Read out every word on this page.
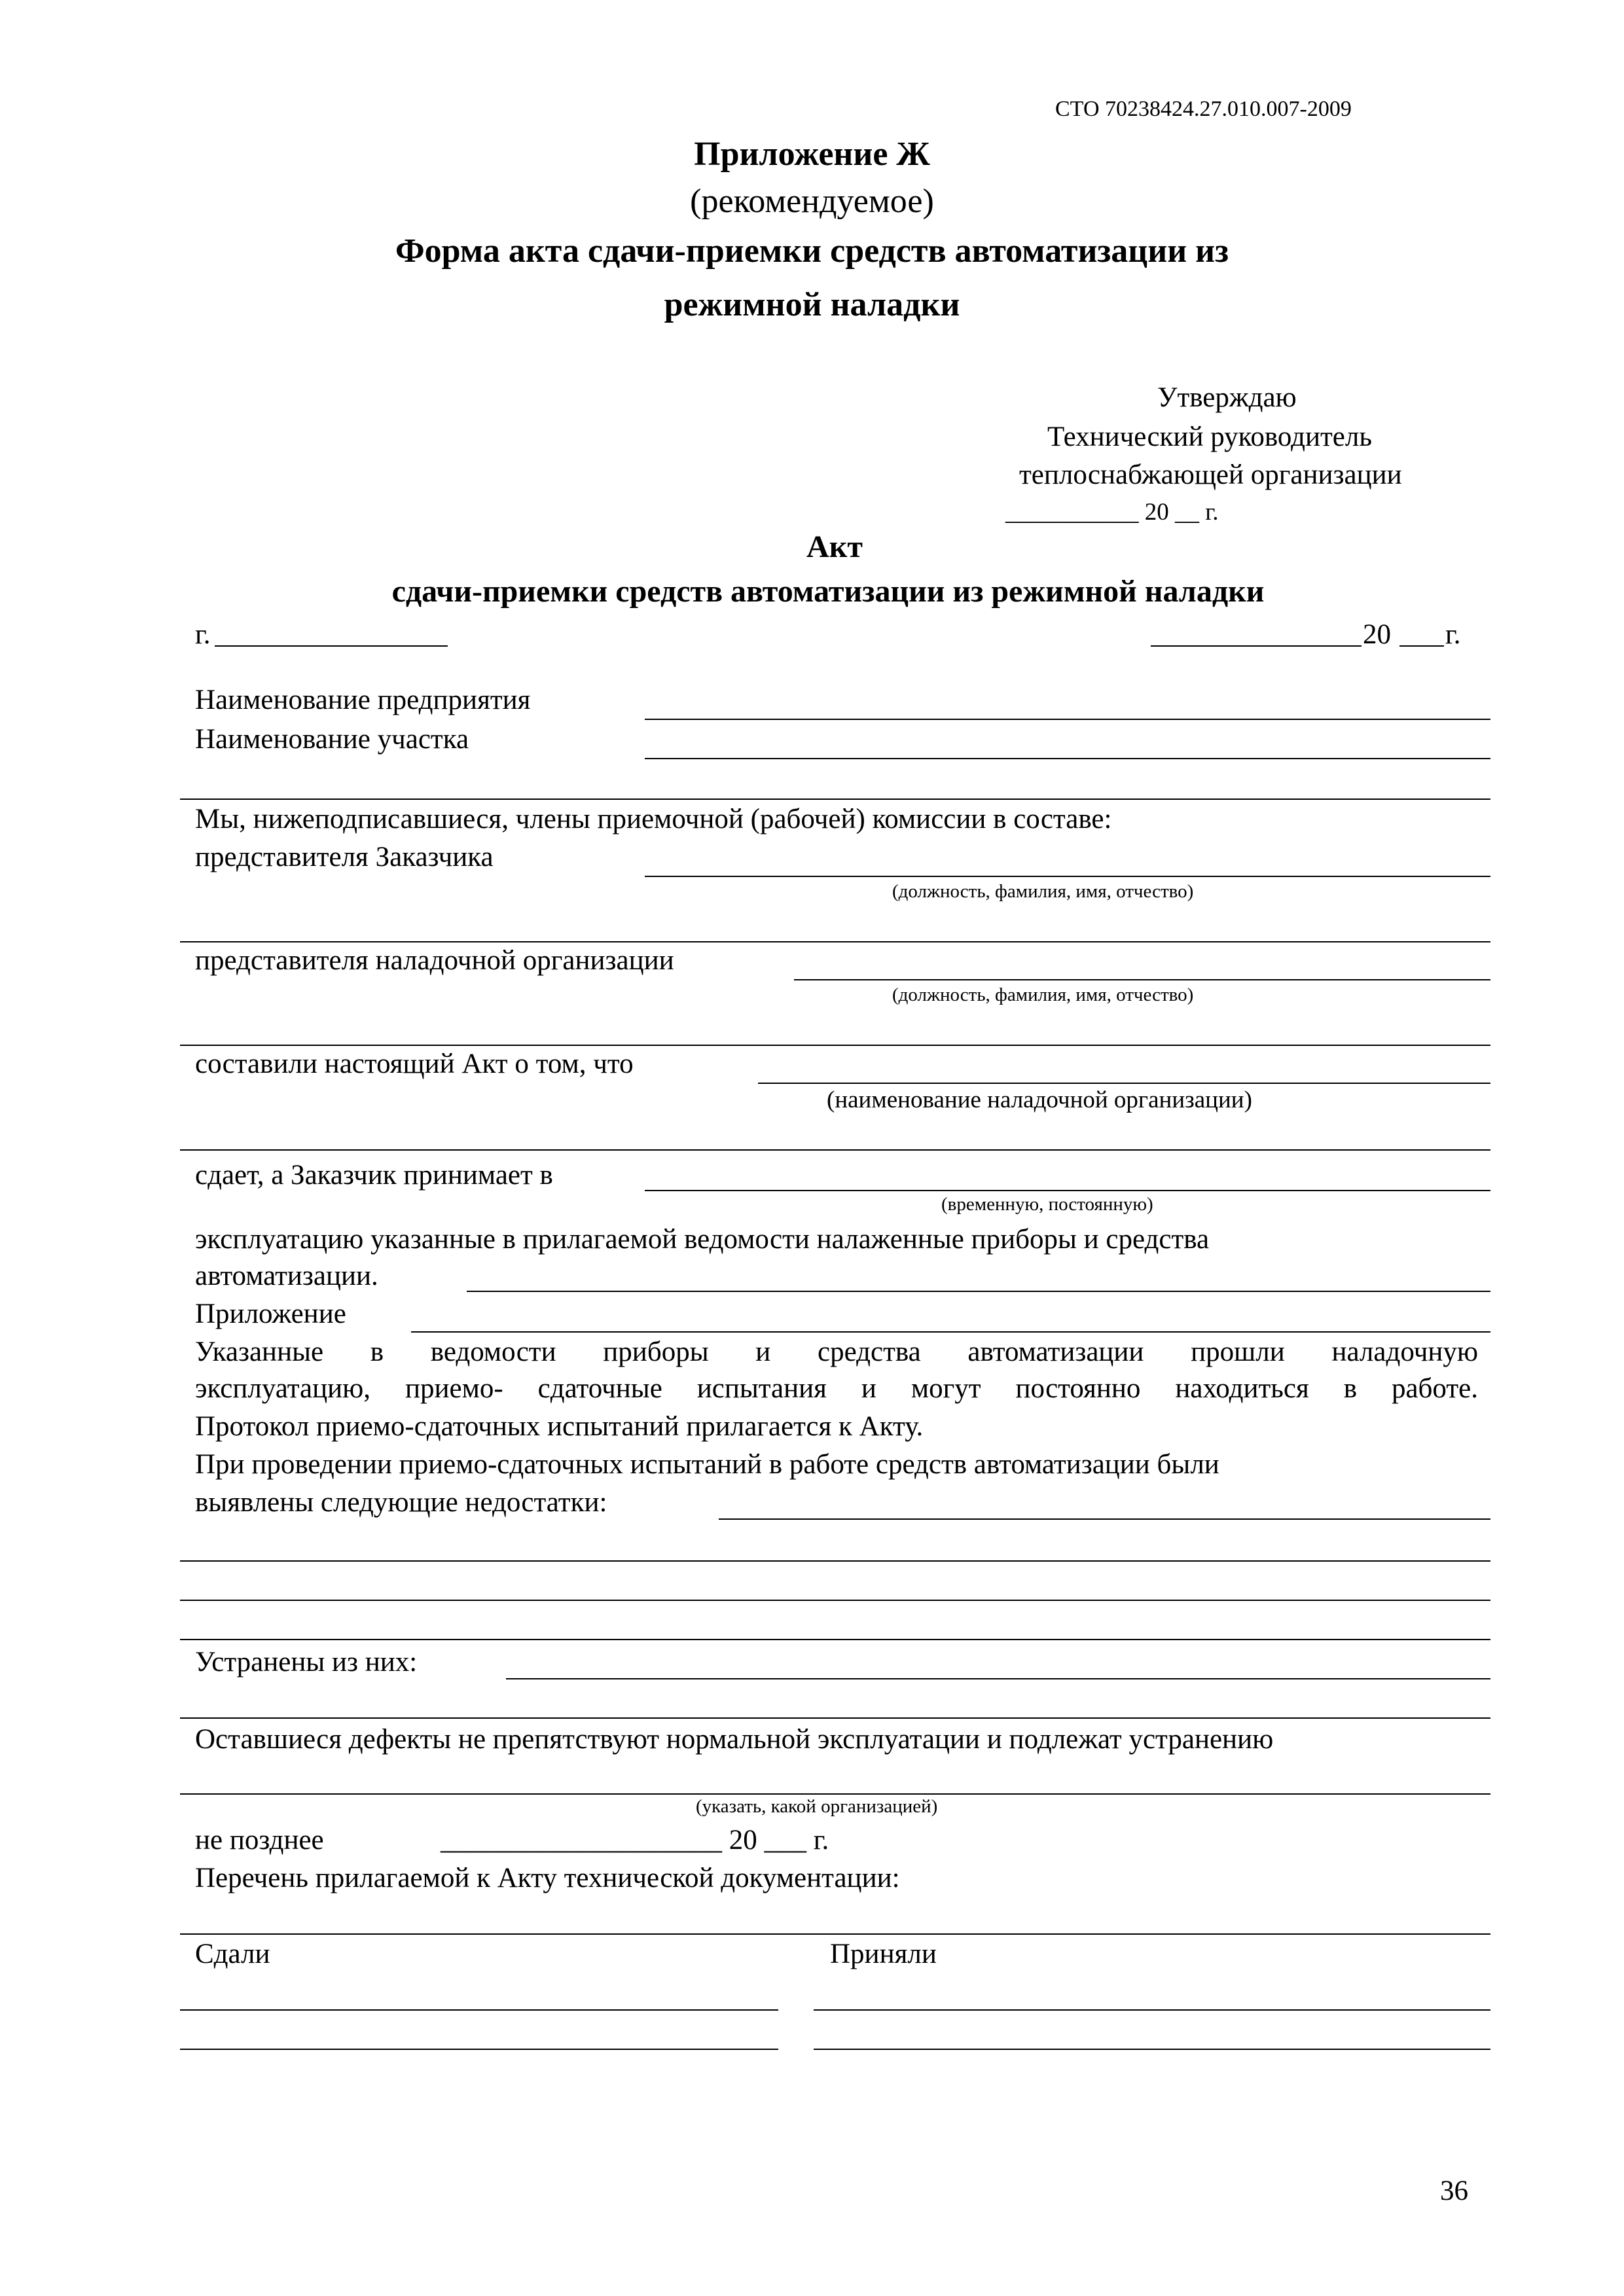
СТО 70238424.27.010.007-2009
Приложение Ж
(рекомендуемое)
Форма акта сдачи-приемки средств автоматизации из
режимной наладки
Утверждаю
Технический руководитель
теплоснабжающей организации
___________ 20 __ г.
Акт
сдачи-приемки средств автоматизации из режимной наладки
г.	20 г.
Наименование предприятия
Наименование участка
Мы, нижеподписавшиеся, члены приемочной (рабочей) комиссии в составе:
представителя Заказчика
(должность, фамилия, имя, отчество)
представителя наладочной организации
(должность, фамилия, имя, отчество)
составили настоящий Акт о том, что
(наименование наладочной организации)
сдает, а Заказчик принимает в
(временную, постоянную)
эксплуатацию указанные в прилагаемой ведомости налаженные приборы и средства
автоматизации.
Приложение
Указанные в ведомости приборы и средства автоматизации прошли наладочную
эксплуатацию, приемо- сдаточные испытания и могут постоянно находиться в работе.
Протокол приемо-сдаточных испытаний прилагается к Акту.
При проведении приемо-сдаточных испытаний в работе средств автоматизации были
выявлены следующие недостатки:
Устранены из них:
Оставшиеся дефекты не препятствуют нормальной эксплуатации и подлежат устранению
(указать, какой организацией)
не позднее	____________________ 20 ___ г.
Перечень прилагаемой к Акту технической документации:
Сдали	Приняли
36
